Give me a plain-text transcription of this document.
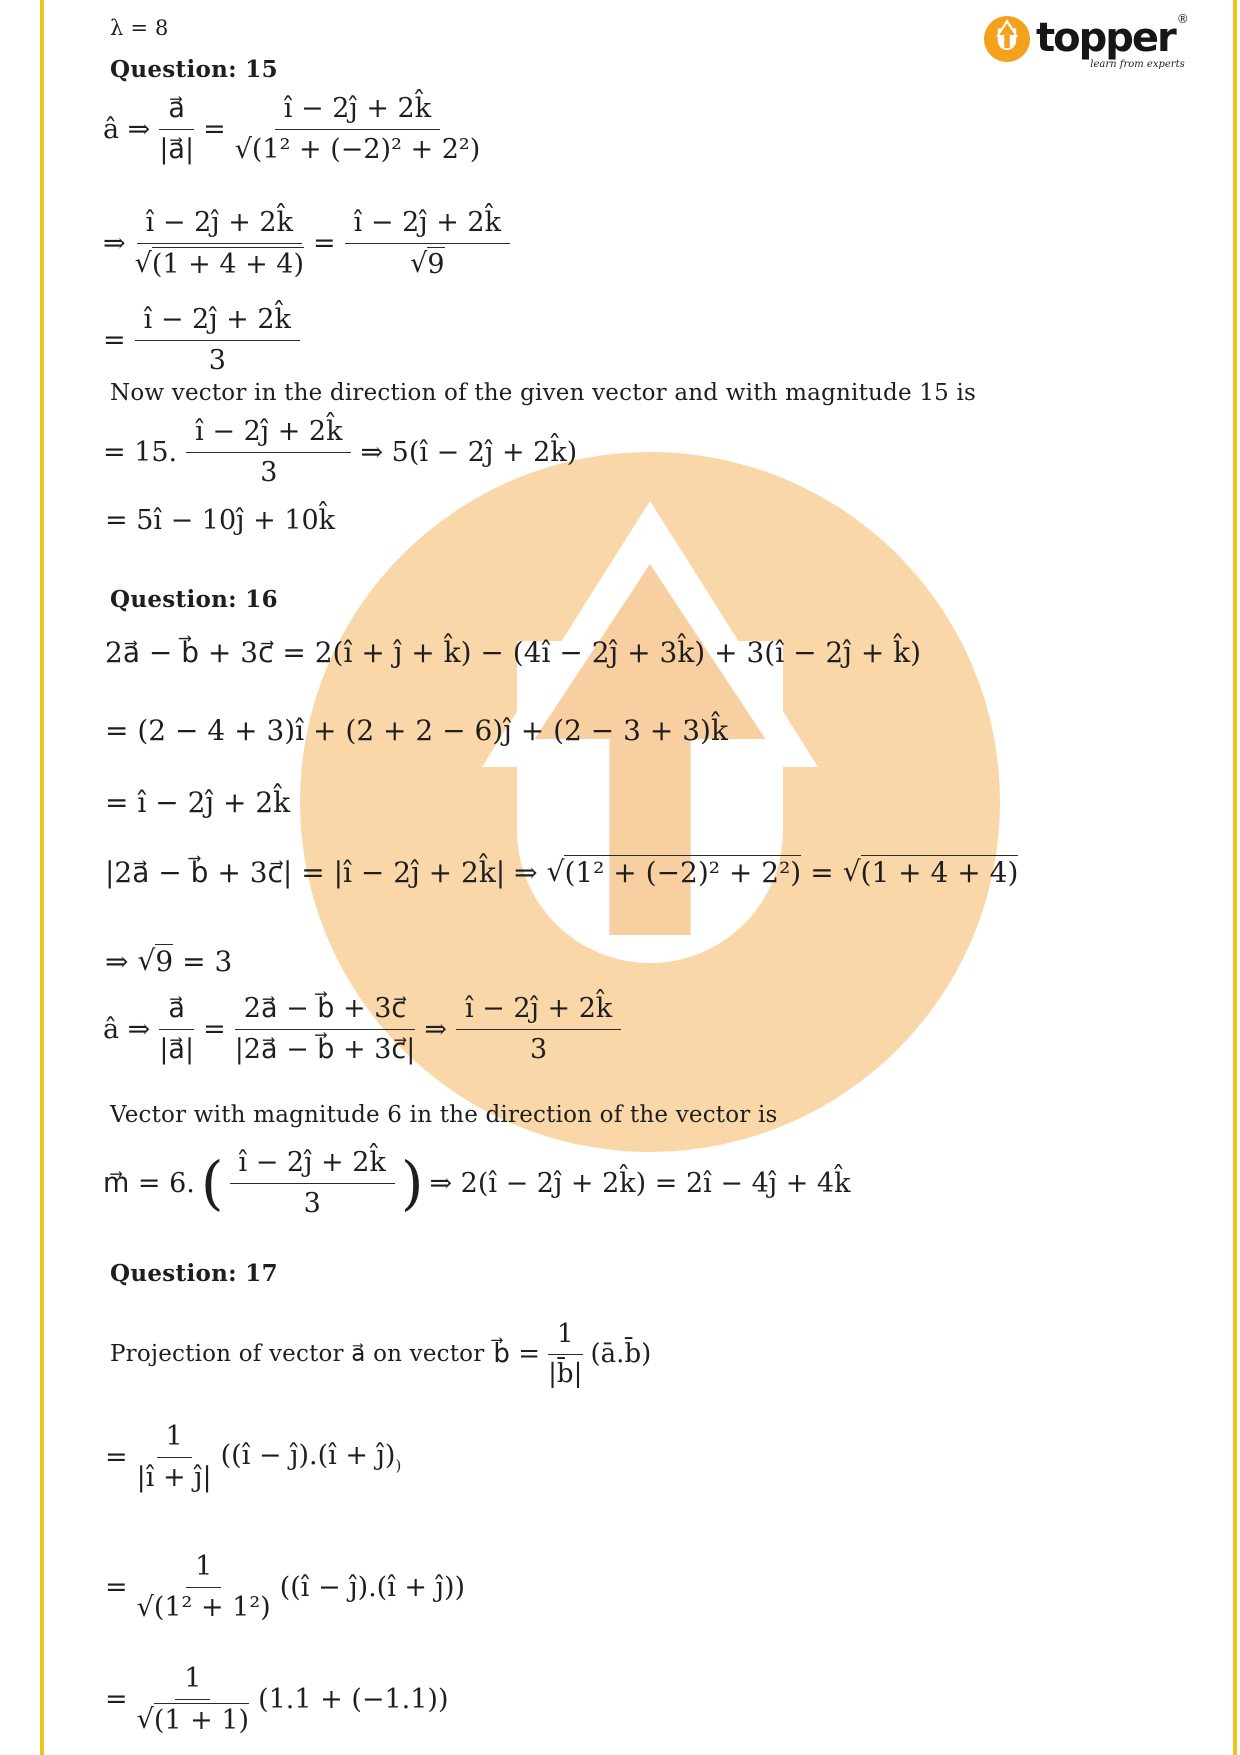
topper ®
learn from experts
λ = 8
Question: 15
â ⇒ $\frac{a⃗}{|a⃗|} = \frac{î - 2ĵ + 2k̂}{\text{√(1² + (−2)² + 2²)}}$
⇒ $\frac{î - 2ĵ + 2k̂}{√ (1 + 4 + 4)} = \frac{î - 2ĵ + 2k̂}{√ 9}$
= $\frac{î - 2ĵ + 2k̂}{3}$
Now vector in the direction of the given vector and with magnitude 15 is
= 15. $\frac{î - 2ĵ + 2k̂}{3}$ ⇒ 5(î − 2ĵ + 2k̂)
= 5î − 10ĵ + 10k̂
Question: 16
2a⃗ − b⃗ + 3c⃗ = 2(î + ĵ + k̂) − (4î − 2ĵ + 3k̂) + 3(î − 2ĵ + k̂)
= (2 − 4 + 3)î + (2 + 2 − 6)ĵ + (2 − 3 + 3)k̂
= î − 2ĵ + 2k̂
|2a⃗ − b⃗ + 3c⃗| = |î − 2ĵ + 2k̂| ⇒ √ (1² + (−2)² + 2²) = √ (1 + 4 + 4)
⇒ √ 9 = 3
â ⇒ $\frac{a⃗}{|a⃗|} = \frac{2a⃗ - b⃗ + 3c⃗}{|2a⃗ - b⃗ + 3c⃗|}$ ⇒ $\frac{î - 2ĵ + 2k̂}{3}$
Vector with magnitude 6 in the direction of the vector is
m⃗ = 6. ( $\frac{î - 2ĵ + 2k̂}{3}$ ) ⇒ 2(î − 2ĵ + 2k̂) = 2î − 4ĵ + 4k̂
Question: 17
Projection of vector a⃗ on vector b⃗ = $\frac{1}{|b̄|}$ (ā.b̄)
= $\frac{1}{|î + ĵ|}$ ((î − ĵ).(î + $ĵ)_)$
= $\frac{1}{\text{√(1² + 1²)}}$ ((î − ĵ).(î + ĵ))
= $\frac{1}{√ (1 + 1)} (1.1 + (-1.1))$
